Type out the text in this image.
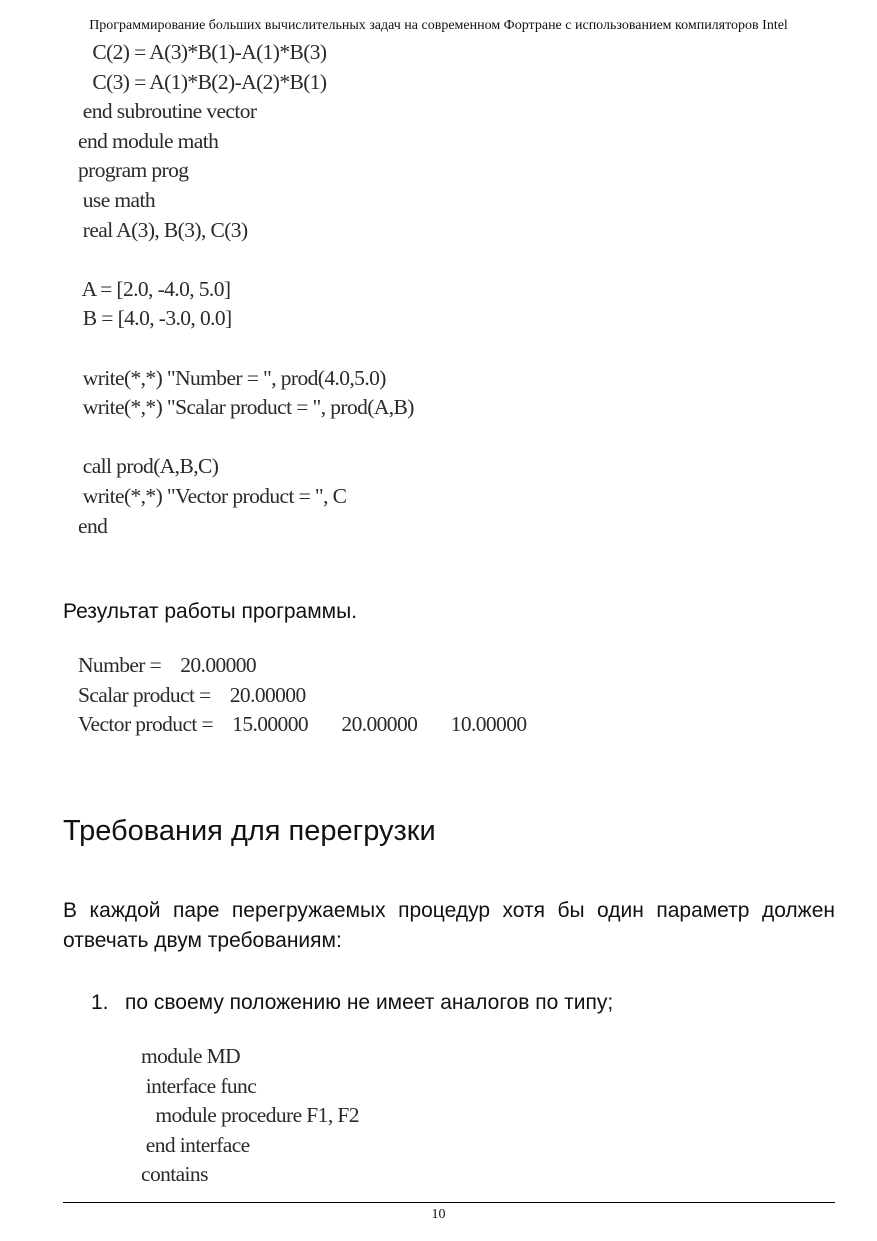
Программирование больших вычислительных задач на современном Фортране с использованием компиляторов Intel
C(2) = A(3)*B(1)-A(1)*B(3)
C(3) = A(1)*B(2)-A(2)*B(1)
end subroutine vector
end module math
program prog
use math
real A(3), B(3), C(3)

A = [2.0, -4.0, 5.0]
B = [4.0, -3.0, 0.0]

write(*,*) "Number = ", prod(4.0,5.0)
write(*,*) "Scalar product = ", prod(A,B)

call prod(A,B,C)
write(*,*) "Vector product = ", C
end
Результат работы программы.
Number =    20.00000
Scalar product =    20.00000
Vector product =    15.00000       20.00000       10.00000
Требования для перегрузки
В каждой паре перегружаемых процедур хотя бы один параметр должен отвечать двум требованиям:
1. по своему положению не имеет аналогов по типу;
module MD
interface func
module procedure F1, F2
end interface
contains
10
